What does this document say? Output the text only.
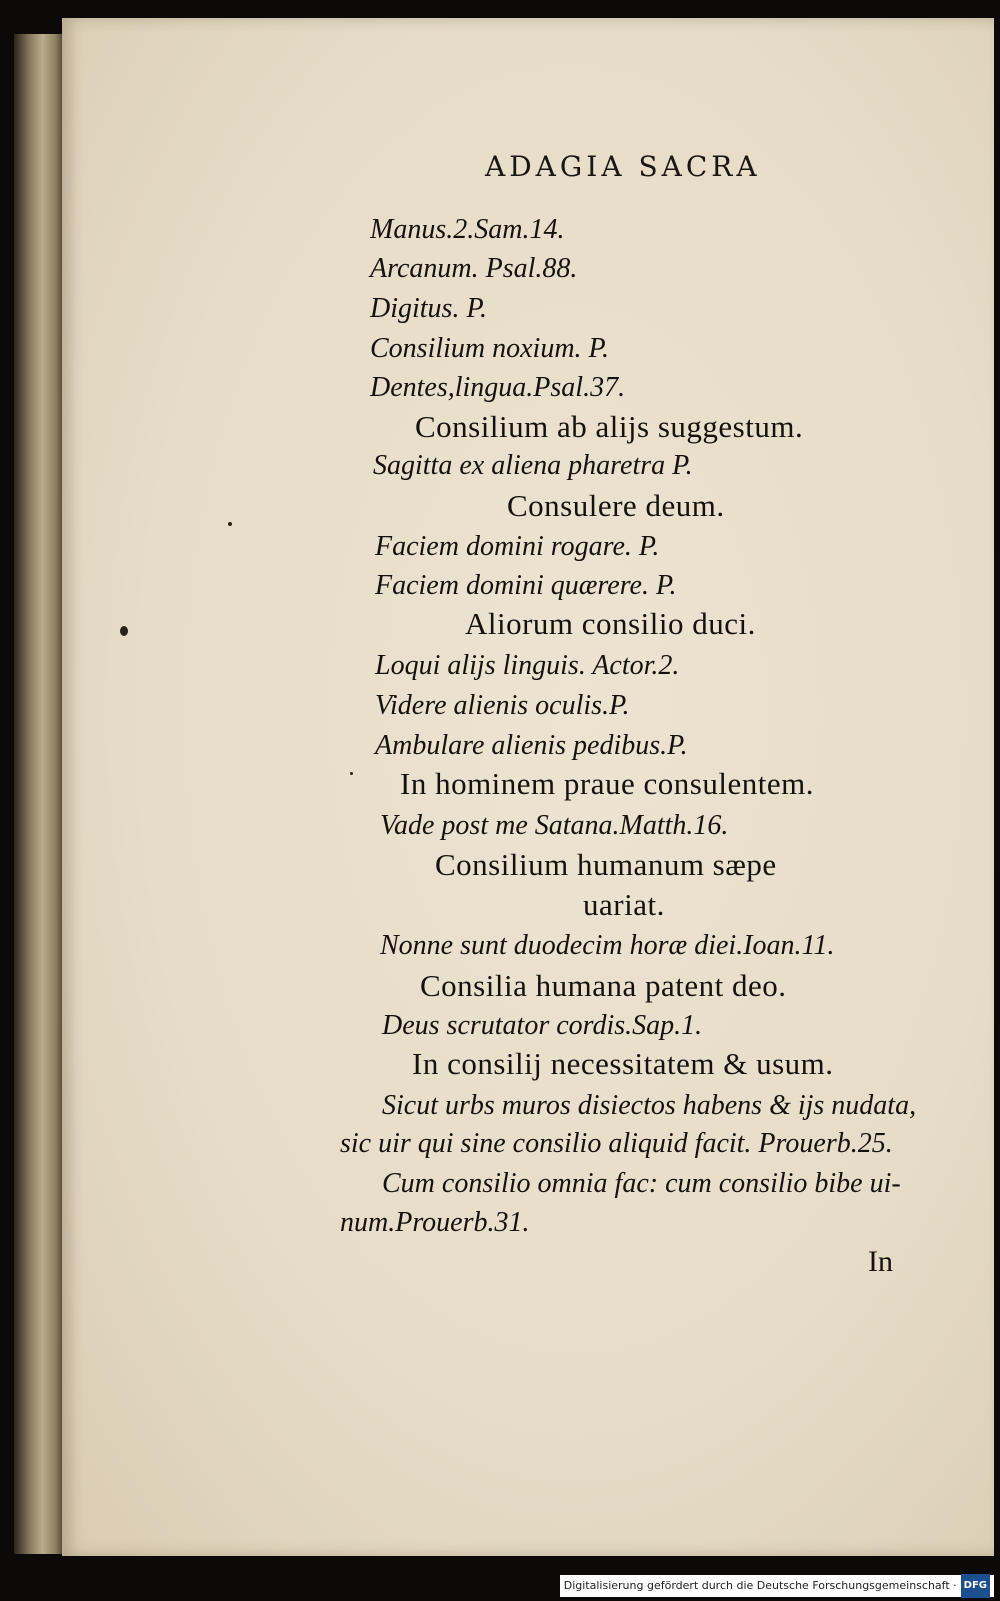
ADAGIA SACRA
Manus.2.Sam.14.
Arcanum. Psal.88.
Digitus. P.
Consilium noxium. P.
Dentes,lingua.Psal.37.
Consilium ab alijs suggestum.
Sagitta ex aliena pharetra P.
Consulere deum.
Faciem domini rogare. P.
Faciem domini quærere. P.
Aliorum consilio duci.
Loqui alijs linguis. Actor.2.
Videre alienis oculis.P.
Ambulare alienis pedibus.P.
In hominem praue consulentem.
Vade post me Satana.Matth.16.
Consilium humanum sæpe
uariat.
Nonne sunt duodecim horæ diei.Ioan.11.
Consilia humana patent deo.
Deus scrutator cordis.Sap.1.
In consilij necessitatem & usum.
Sicut urbs muros disiectos habens & ijs nudata,
sic uir qui sine consilio aliquid facit. Prouerb.25.
Cum consilio omnia fac: cum consilio bibe ui-
num.Prouerb.31.
In
Digitalisierung gefördert durch die Deutsche Forschungsgemeinschaft · DFG
